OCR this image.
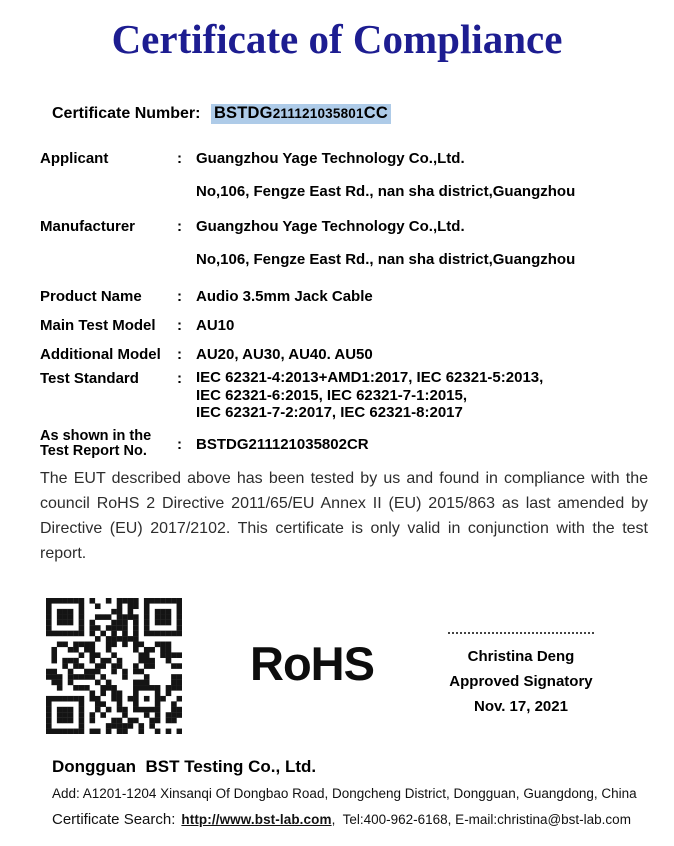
Certificate of Compliance
Certificate Number: BSTDG211121035801CC
Applicant	: Guangzhou Yage Technology Co.,Ltd.
No,106, Fengze East Rd., nan sha district,Guangzhou
Manufacturer	: Guangzhou Yage Technology Co.,Ltd.
No,106, Fengze East Rd., nan sha district,Guangzhou
Product Name	: Audio 3.5mm Jack Cable
Main Test Model	: AU10
Additional Model	: AU20, AU30, AU40. AU50
Test Standard	: IEC 62321-4:2013+AMD1:2017, IEC 62321-5:2013,
IEC 62321-6:2015, IEC 62321-7-1:2015,
IEC 62321-7-2:2017, IEC 62321-8:2017
As shown in the
Test Report No.	: BSTDG211121035802CR

The EUT described above has been tested by us and found in compliance with the council RoHS 2 Directive 2011/65/EU Annex II (EU) 2015/863 as last amended by Directive (EU) 2017/2102. This certificate is only valid in conjunction with the test report.

RoHS	Christina Deng
Approved Signatory
Nov. 17, 2021
Dongguan  BST Testing Co., Ltd.
Add: A1201-1204 Xinsanqi Of Dongbao Road, Dongcheng District, Dongguan, Guangdong, China
Certificate Search: http://www.bst-lab.com,  Tel:400-962-6168, E-mail:christina@bst-lab.com
